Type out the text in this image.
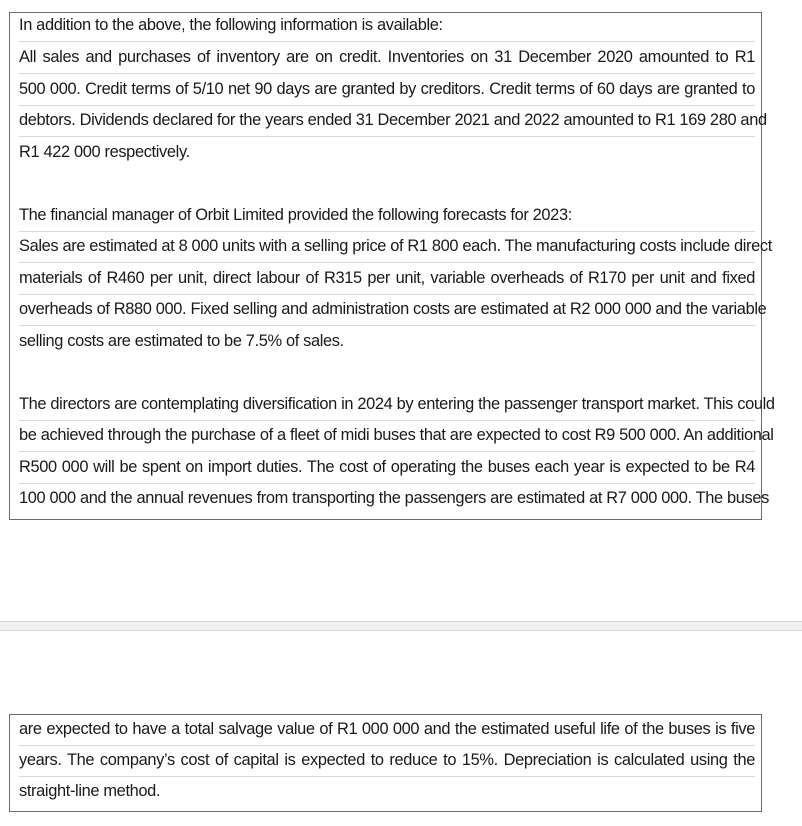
In addition to the above, the following information is available:
All sales and purchases of inventory are on credit. Inventories on 31 December 2020 amounted to R1
500 000. Credit terms of 5/10 net 90 days are granted by creditors. Credit terms of 60 days are granted to
debtors. Dividends declared for the years ended 31 December 2021 and 2022 amounted to R1 169 280 and
R1 422 000 respectively.
The financial manager of Orbit Limited provided the following forecasts for 2023:
Sales are estimated at 8 000 units with a selling price of R1 800 each. The manufacturing costs include direct
materials of R460 per unit, direct labour of R315 per unit, variable overheads of R170 per unit and fixed
overheads of R880 000. Fixed selling and administration costs are estimated at R2 000 000 and the variable
selling costs are estimated to be 7.5% of sales.
The directors are contemplating diversification in 2024 by entering the passenger transport market. This could
be achieved through the purchase of a fleet of midi buses that are expected to cost R9 500 000. An additional
R500 000 will be spent on import duties. The cost of operating the buses each year is expected to be R4
100 000 and the annual revenues from transporting the passengers are estimated at R7 000 000. The buses
are expected to have a total salvage value of R1 000 000 and the estimated useful life of the buses is five
years. The company’s cost of capital is expected to reduce to 15%. Depreciation is calculated using the
straight-line method.
